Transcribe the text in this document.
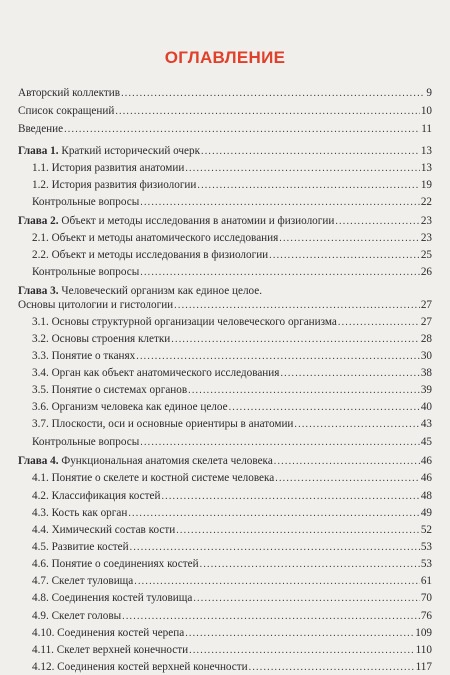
ОГЛАВЛЕНИЕ
Авторский коллектив .....	9
Список сокращений .....	10
Введение .....	11
Глава 1. Краткий исторический очерк .....	13
1.1. История развития анатомии .....	13
1.2. История развития физиологии .....	19
Контрольные вопросы .....	22
Глава 2. Объект и методы исследования в анатомии и физиологии .....	23
2.1. Объект и методы анатомического исследования .....	23
2.2. Объект и методы исследования в физиологии .....	25
Контрольные вопросы .....	26
Глава 3. Человеческий организм как единое целое.
Основы цитологии и гистологии .....	27
3.1. Основы структурной организации человеческого организма .....	27
3.2. Основы строения клетки .....	28
3.3. Понятие о тканях .....	30
3.4. Орган как объект анатомического исследования .....	38
3.5. Понятие о системах органов .....	39
3.6. Организм человека как единое целое .....	40
3.7. Плоскости, оси и основные ориентиры в анатомии .....	43
Контрольные вопросы .....	45
Глава 4. Функциональная анатомия скелета человека .....	46
4.1. Понятие о скелете и костной системе человека .....	46
4.2. Классификация костей .....	48
4.3. Кость как орган .....	49
4.4. Химический состав кости .....	52
4.5. Развитие костей .....	53
4.6. Понятие о соединениях костей .....	53
4.7. Скелет туловища .....	61
4.8. Соединения костей туловища .....	70
4.9. Скелет головы .....	76
4.10. Соединения костей черепа .....	109
4.11. Скелет верхней конечности .....	110
4.12. Соединения костей верхней конечности .....	117
